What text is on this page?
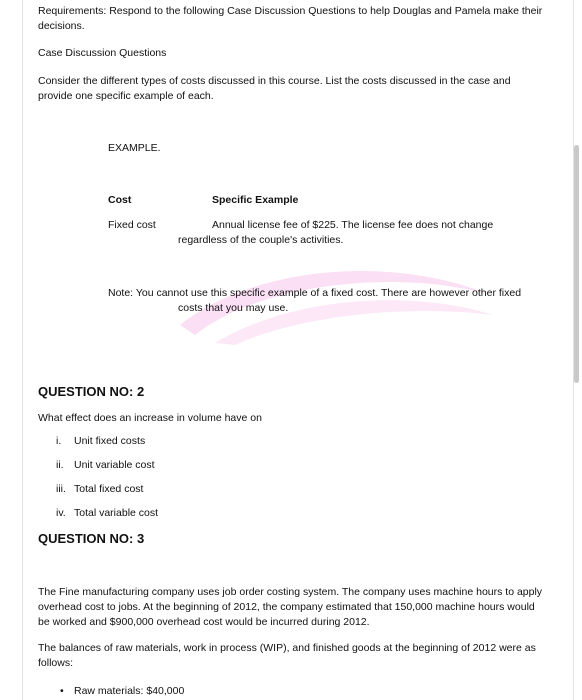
Requirements: Respond to the following Case Discussion Questions to help Douglas and Pamela make their decisions.

Case Discussion Questions

Consider the different types of costs discussed in this course. List the costs discussed in the case and provide one specific example of each.

EXAMPLE.
Cost	Specific Example
Fixed cost	Annual license fee of $225. The license fee does not change
regardless of the couple's activities.
Note: You cannot use this specific example of a fixed cost. There are however other fixed
costs that you may use.
QUESTION NO: 2
What effect does an increase in volume have on
i.	Unit fixed costs
ii. Unit variable cost
iii. Total fixed cost
iv. Total variable cost
QUESTION NO: 3

The Fine manufacturing company uses job order costing system. The company uses machine hours to apply overhead cost to jobs. At the beginning of 2012, the company estimated that 150,000 machine hours would be worked and $900,000 overhead cost would be incurred during 2012.

The balances of raw materials, work in process (WIP), and finished goods at the beginning of 2012 were as follows:

• Raw materials: $40,000
